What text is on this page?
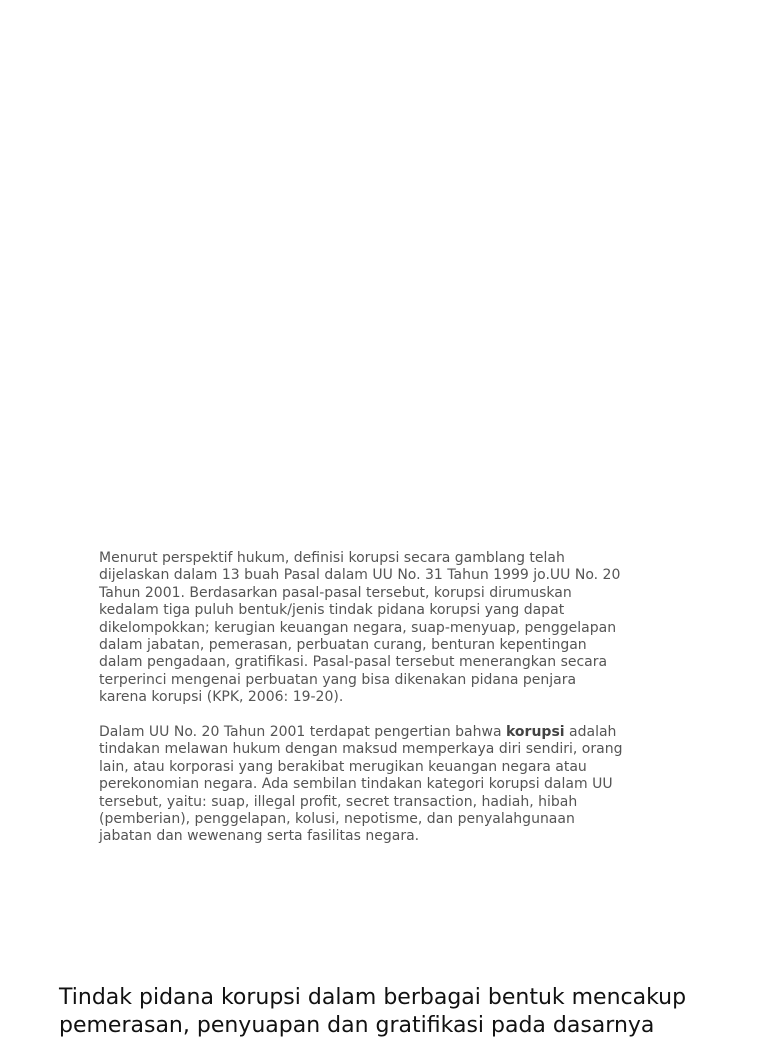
Menurut perspektif hukum, definisi korupsi secara gamblang telah
dijelaskan dalam 13 buah Pasal dalam UU No. 31 Tahun 1999 jo.UU No. 20
Tahun 2001. Berdasarkan pasal-pasal tersebut, korupsi dirumuskan
kedalam tiga puluh bentuk/jenis tindak pidana korupsi yang dapat
dikelompokkan; kerugian keuangan negara, suap-menyuap, penggelapan
dalam jabatan, pemerasan, perbuatan curang, benturan kepentingan
dalam pengadaan, gratifikasi. Pasal-pasal tersebut menerangkan secara
terperinci mengenai perbuatan yang bisa dikenakan pidana penjara
karena korupsi (KPK, 2006: 19-20).

Dalam UU No. 20 Tahun 2001 terdapat pengertian bahwa korupsi adalah
tindakan melawan hukum dengan maksud memperkaya diri sendiri, orang
lain, atau korporasi yang berakibat merugikan keuangan negara atau
perekonomian negara. Ada sembilan tindakan kategori korupsi dalam UU
tersebut, yaitu: suap, illegal profit, secret transaction, hadiah, hibah
(pemberian), penggelapan, kolusi, nepotisme, dan penyalahgunaan
jabatan dan wewenang serta fasilitas negara.

Tindak pidana korupsi dalam berbagai bentuk mencakup
pemerasan, penyuapan dan gratifikasi pada dasarnya
